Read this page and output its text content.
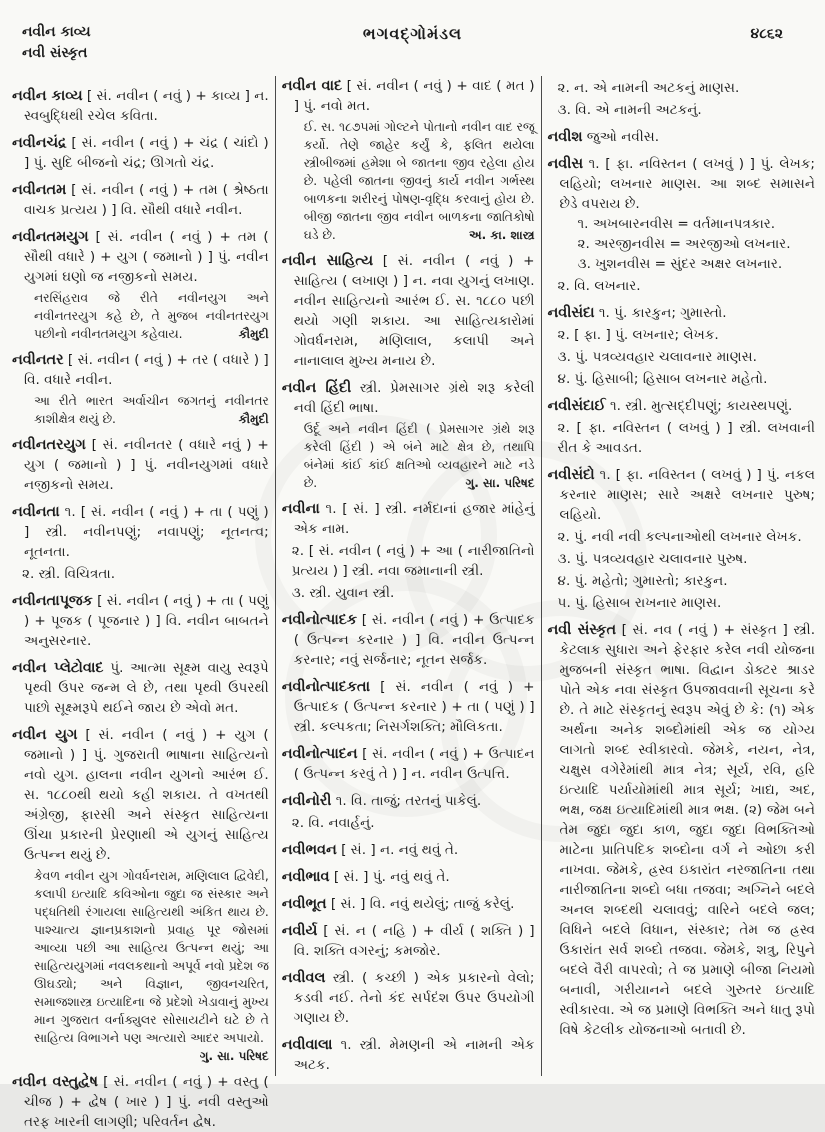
નવીન કાવ્ય
નવી સંસ્કૃત
ભગવદ્ગોમંડલ	૪૮૬૨

નવીન કાવ્ય [ સં. નવીન ( નવું ) + કાવ્ય ] ન. સ્વબુદ્ધિથી રચેલ કવિતા.

નવીનચંદ્ર [ સં. નવીન ( નવું ) + ચંદ્ર ( ચાંદો ) ] પું. સુદિ બીજનો ચંદ્ર; ઊગતો ચંદ્ર.

નવીનતમ [ સં. નવીન ( નવું ) + તમ ( શ્રેષ્ઠતા વાચક પ્રત્યય ) ] વિ. સૌથી વધારે નવીન.

નવીનતમયુગ [ સં. નવીન ( નવું ) + તમ ( સૌથી વધારે ) + યુગ ( જમાનો ) ] પું. નવીન યુગમાં ઘણો જ નજીકનો સમય.

નરસિંહરાવ જે રીતે નવીનયુગ અને નવીનતરયુગ કહે છે, તે મુજબ નવીનતરયુગ પછીનો નવીનતમયુગ કહેવાય.	કૌમુદી

નવીનતર [ સં. નવીન ( નવું ) + તર ( વધારે ) ] વિ. વધારે નવીન.

આ રીતે ભારત અર્વાચીન જગતનું નવીનતર કાશીક્ષેત્ર થયું છે.	કૌમુદી

નવીનતરયુગ [ સં. નવીનતર ( વધારે નવું ) + યુગ ( જમાનો ) ] પું. નવીનયુગમાં વધારે નજીકનો સમય.

નવીનતા ૧. [ સં. નવીન ( નવું ) + તા ( પણું ) ] સ્ત્રી. નવીનપણું; નવાપણું; નૂતનત્વ; નૂતનતા.

૨. સ્ત્રી. વિચિત્રતા.

નવીનતાપૂજક [ સં. નવીન ( નવું ) + તા ( પણું ) + પૂજક ( પૂજનાર ) ] વિ. નવીન બાબતને અનુસરનાર.

નવીન પ્લેટોવાદ પું. આત્મા સૂક્ષ્મ વાયુ સ્વરૂપે પૃથ્વી ઉપર જન્મ લે છે, તથા પૃથ્વી ઉપરથી પાછો સૂક્ષ્મરૂપે થઈને જાય છે એવો મત.

નવીન યુગ [ સં. નવીન ( નવું ) + યુગ ( જમાનો ) ] પું. ગુજરાતી ભાષાના સાહિત્યનો નવો યુગ. હાલના નવીન યુગનો આરંભ ઈ. સ. ૧૮૮૦થી થયો કહી શકાય. તે વખતથી અંગ્રેજી, ફારસી અને સંસ્કૃત સાહિત્યના ઊંચા પ્રકારની પ્રેરણાથી એ યુગનું સાહિત્ય ઉત્પન્ન થયું છે.

કેવળ નવીન યુગ ગોવર્ધનરામ, મણિલાલ દ્વિવેદી, કલાપી ઇત્યાદિ કવિઓના જુદા જ સંસ્કાર અને પદ્ધતિથી રંગાયલા સાહિત્યથી અંકિત થાય છે. પાશ્ચાત્ય જ્ઞાનપ્રકાશનો પ્રવાહ પૂર જોસમાં આવ્યા પછી આ સાહિત્ય ઉત્પન્ન થયું; આ સાહિત્યયુગમાં નવલકથાનો અપૂર્વ નવો પ્રદેશ જ ઊઘડ્યો; અને વિજ્ઞાન, જીવનચરિત, સમાજશાસ્ત્ર ઇત્યાદિના જે પ્રદેશો ખેડાવાનું મુખ્ય માન ગુજરાત વર્નાક્યુલર સોસાયટીને ઘટે છે તે સાહિત્ય વિભાગને પણ અત્યારો આદર અપાયો.
ગુ. સા. પરિષદ

નવીન વસ્તુદ્વેષ [ સં. નવીન ( નવું ) + વસ્તુ ( ચીજ ) + દ્વેષ ( ખાર ) ] પું. નવી વસ્તુઓ તરફ ખારની લાગણી; પરિવર્તન દ્વેષ.

નવીન વાદ [ સં. નવીન ( નવું ) + વાદ ( મત ) ] પું. નવો મત.

ઈ. સ. ૧૮૭૫માં ગોલ્ટને પોતાનો નવીન વાદ રજૂ કર્યો. તેણે જાહેર કર્યું કે, ફલિત થયેલા સ્ત્રીબીજમાં હમેશા બે જાતના જીવ રહેલા હોય છે. પહેલી જાતના જીવનું કાર્ય નવીન ગર્ભસ્થ બાળકના શરીરનું પોષણ-વૃદ્ધિ કરવાનું હોય છે. બીજી જાતના જીવ નવીન બાળકના જાતિકોષો ઘડે છે.	અ. કા. શાસ્ત્ર

નવીન સાહિત્ય [ સં. નવીન ( નવું ) + સાહિત્ય ( લખાણ ) ] ન. નવા યુગનું લખાણ. નવીન સાહિત્યનો આરંભ ઈ. સ. ૧૮૮૦ પછી થયો ગણી શકાય. આ સાહિત્યકારોમાં ગોવર્ધનરામ, મણિલાલ, કલાપી અને નાનાલાલ મુખ્ય મનાય છે.

નવીન હિંદી સ્ત્રી. પ્રેમસાગર ગ્રંથે શરૂ કરેલી નવી હિંદી ભાષા.

ઉર્દૂ અને નવીન હિંદી ( પ્રેમસાગર ગ્રંથે શરૂ કરેલી હિંદી ) એ બંને માટે ક્ષેત્ર છે, તથાપિ બંનેમાં કાંઈ કાંઈ ક્ષતિઓ વ્યવહારને માટે નડે છે.	ગુ. સા. પરિષદ

નવીના ૧. [ સં. ] સ્ત્રી. નર્મદાનાં હજાર માંહેનું એક નામ.

૨. [ સં. નવીન ( નવું ) + આ ( નારીજાતિનો પ્રત્યય ) ] સ્ત્રી. નવા જમાનાની સ્ત્રી.

૩. સ્ત્રી. યુવાન સ્ત્રી.

નવીનોત્પાદક [ સં. નવીન ( નવું ) + ઉત્પાદક ( ઉત્પન્ન કરનાર ) ] વિ. નવીન ઉત્પન્ન કરનાર; નવું સર્જનાર; નૂતન સર્જક.

નવીનોત્પાદકતા [ સં. નવીન ( નવું ) + ઉત્પાદક ( ઉત્પન્ન કરનાર ) + તા ( પણું ) ] સ્ત્રી. કલ્પકતા; નિસર્ગશક્તિ; મૌલિકતા.

નવીનોત્પાદન [ સં. નવીન ( નવું ) + ઉત્પાદન ( ઉત્પન્ન કરવું તે ) ] ન. નવીન ઉત્પત્તિ.

નવીનોરી ૧. વિ. તાજું; તરતનું પાકેલું.

૨. વિ. નવાર્હનું.

નવીભવન [ સં. ] ન. નવું થવું તે.

નવીભાવ [ સં. ] પું. નવું થવું તે.

નવીભૂત [ સં. ] વિ. નવું થયેલું; તાજું કરેલું.

નવીર્ય [ સં. ન ( નહિ ) + વીર્ય ( શક્તિ ) ] વિ. શક્તિ વગરનું; કમજોર.

નવીવલ સ્ત્રી. ( કચ્છી ) એક પ્રકારનો વેલો; કડવી નઈ. તેનો કંદ સર્પદંશ ઉપર ઉપયોગી ગણાય છે.

નવીવાલા ૧. સ્ત્રી. મેમણની એ નામની એક અટક.

૨. ન. એ નામની અટકનું માણસ.

૩. વિ. એ નામની અટકનું.

નવીશ જુઓ નવીસ.

નવીસ ૧. [ ફા. નવિસ્તન ( લખવું ) ] પું. લેખક; લહિયો; લખનાર માણસ. આ શબ્દ સમાસને છેડે વપરાય છે.

૧. અખબારનવીસ = વર્તમાનપત્રકાર.

૨. અરજીનવીસ = અરજીઓ લખનાર.

૩. ખુશનવીસ = સુંદર અક્ષર લખનાર.

૨. વિ. લખનાર.

નવીસંદા ૧. પું. કારકુન; ગુમાસ્તો.

૨. [ ફા. ] પું. લખનાર; લેખક.

૩. પું. પત્રવ્યવહાર ચલાવનાર માણસ.

૪. પું. હિસાબી; હિસાબ લખનાર મહેતો.

નવીસંદાઈ ૧. સ્ત્રી. મુત્સદ્દીપણું; કાયસ્થપણું.

૨. [ ફા. નવિસ્તન ( લખવું ) ] સ્ત્રી. લખવાની રીત કે આવડત.

નવીસંદો ૧. [ ફા. નવિસ્તન ( લખવું ) ] પું. નકલ કરનાર માણસ; સારે અક્ષરે લખનાર પુરુષ; લહિયો.

૨. પું. નવી નવી કલ્પનાઓથી લખનાર લેખક.

૩. પું. પત્રવ્યવહાર ચલાવનાર પુરુષ.

૪. પું. મહેતો; ગુમાસ્તો; કારકુન.

૫. પું. હિસાબ રાખનાર માણસ.

નવી સંસ્કૃત [ સં. નવ ( નવું ) + સંસ્કૃત ] સ્ત્રી. કેટલાક સુધારા અને ફેરફાર કરેલ નવી યોજના મુજબની સંસ્કૃત ભાષા. વિદ્વાન ડોક્ટર શ્રાડર પોતે એક નવા સંસ્કૃત ઉપજાવવાની સૂચના કરે છે. તે માટે સંસ્કૃતનું સ્વરૂપ એવું છે કે: (૧) એક અર્થના અનેક શબ્દોમાંથી એક જ યોગ્ય લાગતો શબ્દ સ્વીકારવો. જેમકે, નયન, નેત્ર, ચક્ષુસ વગેરેમાંથી માત્ર નેત્ર; સૂર્ય, રવિ, હરિ ઇત્યાદિ પર્યાયોમાંથી માત્ર સૂર્ય; ખાદ્ય, અદ, ભક્ષ, જક્ષ ઇત્યાદિમાંથી માત્ર ભક્ષ. (૨) જેમ બને તેમ જુદા જુદા કાળ, જુદા જુદા વિભક્તિઓ માટેના પ્રાતિપદિક શબ્દોના વર્ગ ને ઓછા કરી નાખવા. જેમકે, હ્રસ્વ ઇકારાંત નરજાતિના તથા નારીજાતિના શબ્દો બધા તજવા; અગ્નિને બદલે અનલ શબ્દથી ચલાવવું; વારિને બદલે જલ; વિધિને બદલે વિધાન, સંસ્કાર; તેમ જ હ્રસ્વ ઉકારાંત સર્વ શબ્દો તજવા. જેમકે, શત્રુ, રિપુને બદલે વૈરી વાપરવો; તે જ પ્રમાણે બીજા નિયમો બનાવી, ગરીયાનને બદલે ગુરુતર ઇત્યાદિ સ્વીકારવા. એ જ પ્રમાણે વિભક્તિ અને ધાતુ રૂપો વિષે કેટલીક યોજનાઓ બતાવી છે.
